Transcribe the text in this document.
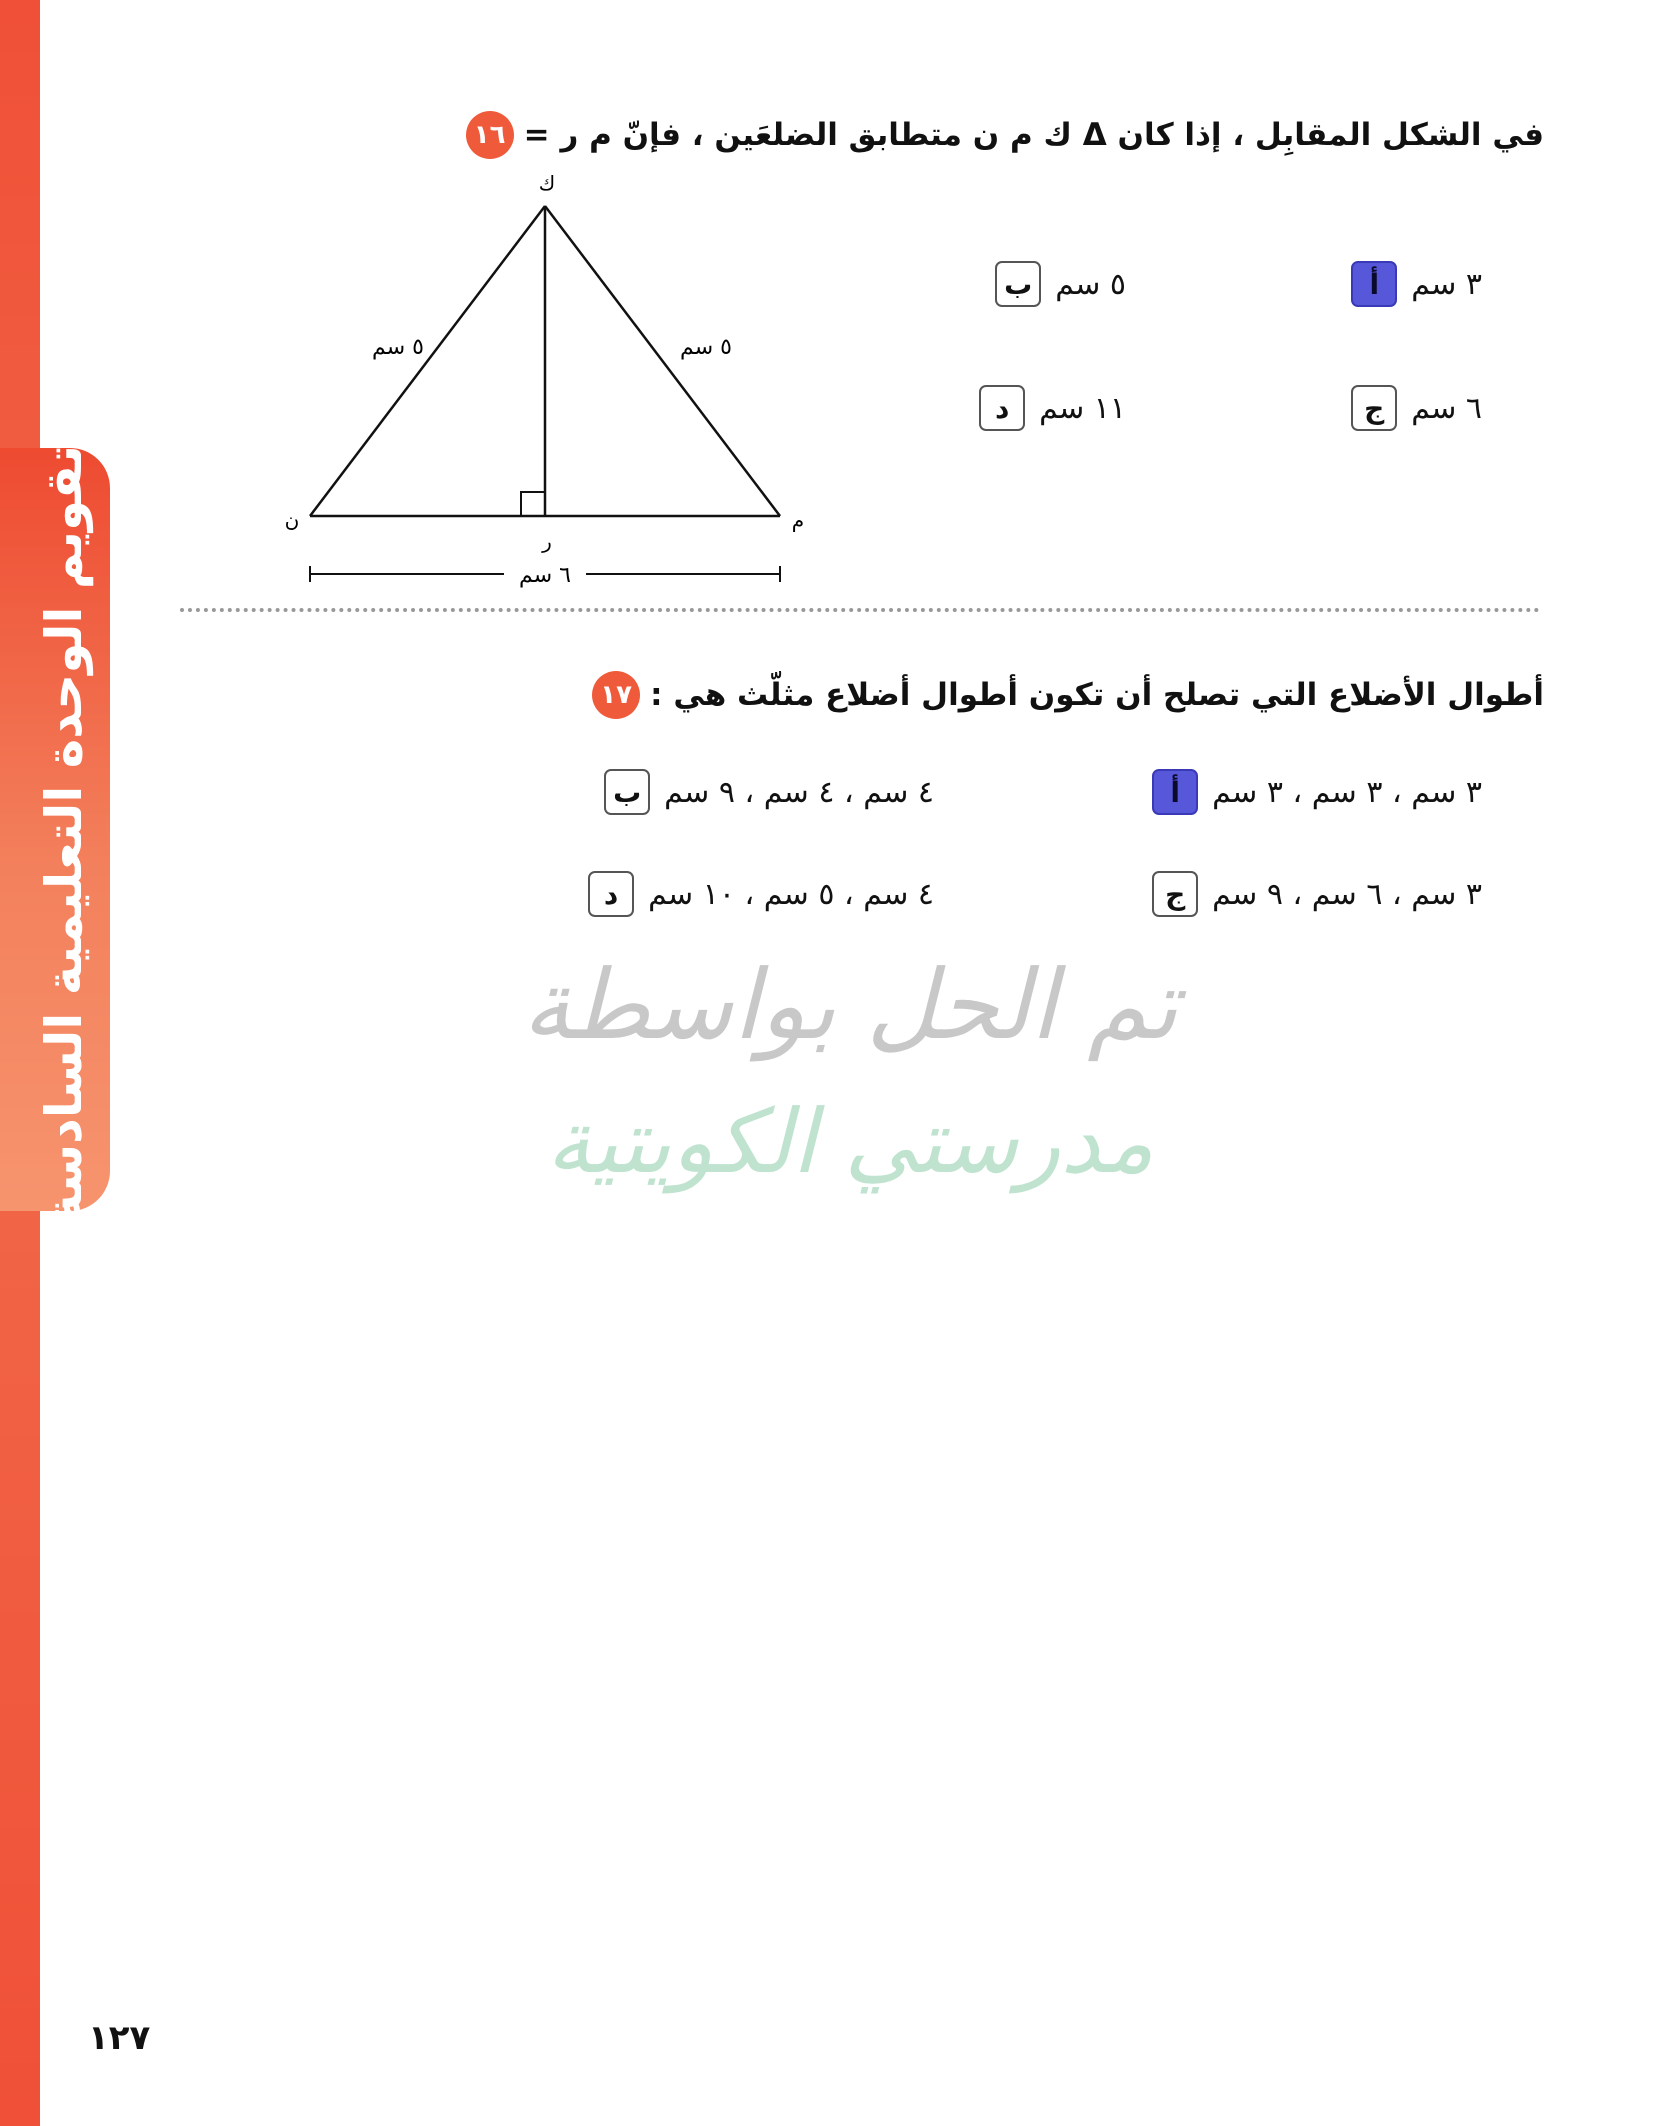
تقويم الوحدة التعليمية السادسة
١٦ في الشكل المقابِل ، إذا كان Δ ك م ن متطابق الضلعَين ، فإنّ م ر =
أ	٣ سم
ب ٥ سم
ج ٦ سم
د ١١ سم
ك
ن	م
ر
٥ سم	٥ سم
٦ سم
١٧ أطوال الأضلاع التي تصلح أن تكون أطوال أضلاع مثلّث هي :
أ	٣ سم ، ٣ سم ، ٣ سم
ب ٤ سم ، ٤ سم ، ٩ سم
ج ٣ سم ، ٦ سم ، ٩ سم
د ٤ سم ، ٥ سم ، ١٠ سم
تم الحل بواسطة
مدرستي الكويتية
١٢٧
